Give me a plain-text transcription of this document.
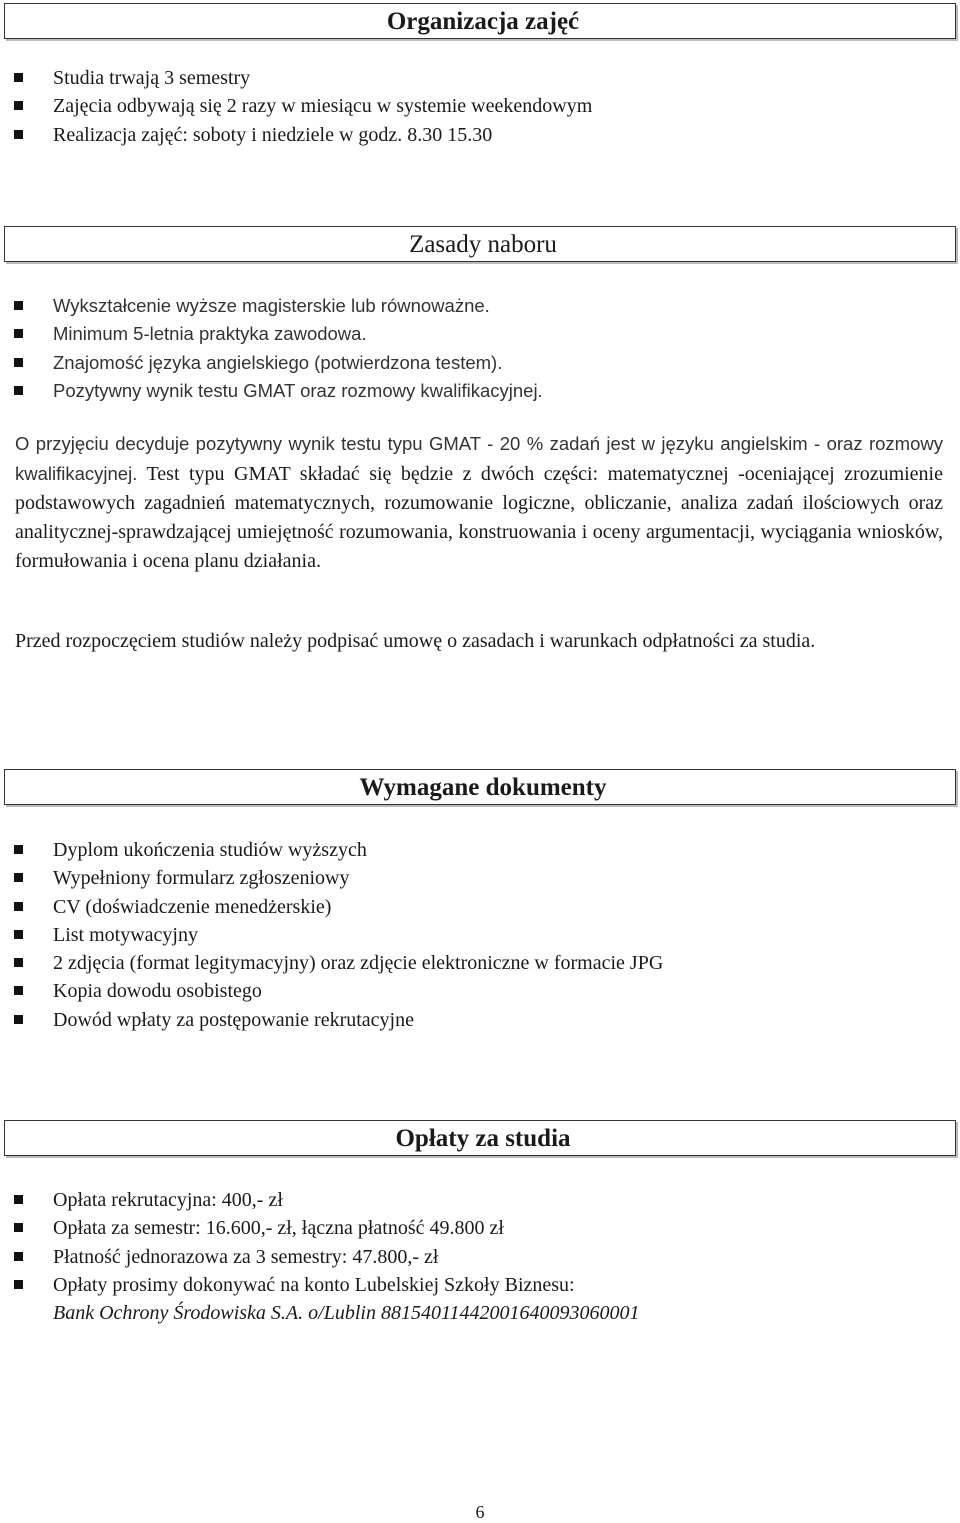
Organizacja zajęć
Studia trwają 3 semestry
Zajęcia odbywają się 2 razy w miesiącu w systemie weekendowym
Realizacja zajęć: soboty i niedziele w godz. 8.30 15.30
Zasady naboru
Wykształcenie wyższe magisterskie lub równoważne.
Minimum 5-letnia praktyka zawodowa.
Znajomość języka angielskiego (potwierdzona testem).
Pozytywny wynik testu GMAT oraz rozmowy kwalifikacyjnej.

O przyjęciu decyduje pozytywny wynik testu typu GMAT - 20 % zadań jest w języku angielskim - oraz rozmowy kwalifikacyjnej. Test typu GMAT składać się będzie z dwóch części: matematycznej -oceniającej zrozumienie podstawowych zagadnień matematycznych, rozumowanie logiczne, obliczanie, analiza zadań ilościowych oraz analitycznej-sprawdzającej umiejętność rozumowania, konstruowania i oceny argumentacji, wyciągania wniosków, formułowania i ocena planu działania.

Przed rozpoczęciem studiów należy podpisać umowę o zasadach i warunkach odpłatności za studia.

Wymagane dokumenty
Dyplom ukończenia studiów wyższych
Wypełniony formularz zgłoszeniowy
CV (doświadczenie menedżerskie)
List motywacyjny
2 zdjęcia (format legitymacyjny) oraz zdjęcie elektroniczne w formacie JPG
Kopia dowodu osobistego
Dowód wpłaty za postępowanie rekrutacyjne
Opłaty za studia
Opłata rekrutacyjna: 400,- zł
Opłata za semestr: 16.600,- zł, łączna płatność 49.800 zł
Płatność jednorazowa za 3 semestry: 47.800,- zł
Opłaty prosimy dokonywać na konto Lubelskiej Szkoły Biznesu:
Bank Ochrony Środowiska S.A. o/Lublin 88154011442001640093060001
6
